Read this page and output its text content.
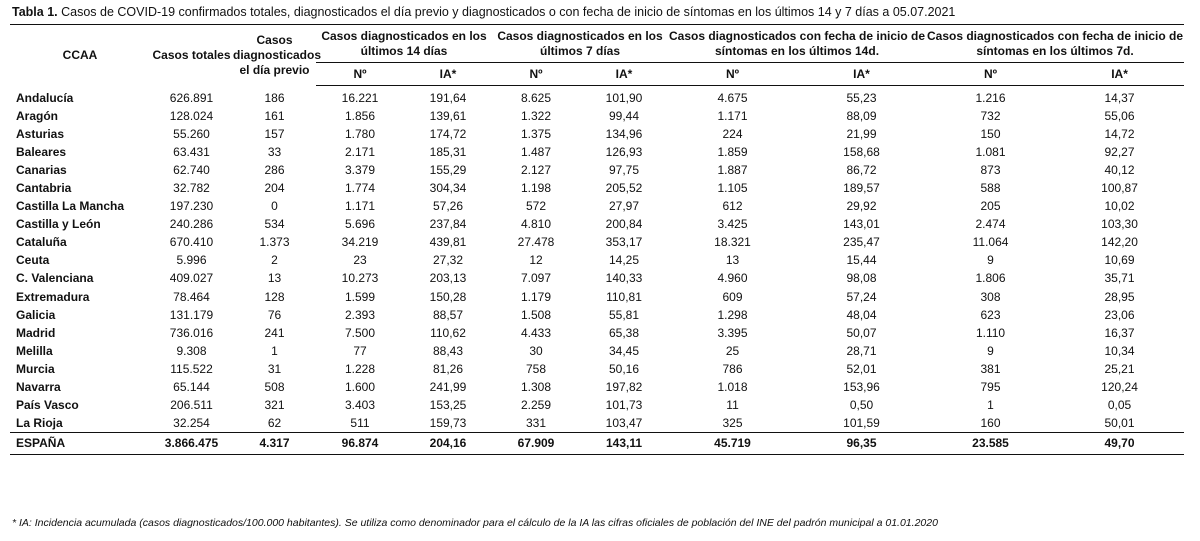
Tabla 1. Casos de COVID-19 confirmados totales, diagnosticados el día previo y diagnosticados o con fecha de inicio de síntomas en los últimos 14 y 7 días a 05.07.2021
CCAA	Casos totales	Casos diagnosticados el día previo	Casos diagnosticados en los últimos 14 días		Casos diagnosticados en los últimos 7 días		Casos diagnosticados con fecha de inicio de síntomas en los últimos 14d.		Casos diagnosticados con fecha de inicio de síntomas en los últimos 7d.	
			Nº	IA*	Nº	IA*	Nº	IA*	Nº	IA*
Andalucía	626.891	186	16.221	191,64	8.625	101,90	4.675	55,23	1.216	14,37
Aragón	128.024	161	1.856	139,61	1.322	99,44	1.171	88,09	732	55,06
Asturias	55.260	157	1.780	174,72	1.375	134,96	224	21,99	150	14,72
Baleares	63.431	33	2.171	185,31	1.487	126,93	1.859	158,68	1.081	92,27
Canarias	62.740	286	3.379	155,29	2.127	97,75	1.887	86,72	873	40,12
Cantabria	32.782	204	1.774	304,34	1.198	205,52	1.105	189,57	588	100,87
Castilla La Mancha	197.230	0	1.171	57,26	572	27,97	612	29,92	205	10,02
Castilla y León	240.286	534	5.696	237,84	4.810	200,84	3.425	143,01	2.474	103,30
Cataluña	670.410	1.373	34.219	439,81	27.478	353,17	18.321	235,47	11.064	142,20
Ceuta	5.996	2	23	27,32	12	14,25	13	15,44	9	10,69
C. Valenciana	409.027	13	10.273	203,13	7.097	140,33	4.960	98,08	1.806	35,71
Extremadura	78.464	128	1.599	150,28	1.179	110,81	609	57,24	308	28,95
Galicia	131.179	76	2.393	88,57	1.508	55,81	1.298	48,04	623	23,06
Madrid	736.016	241	7.500	110,62	4.433	65,38	3.395	50,07	1.110	16,37
Melilla	9.308	1	77	88,43	30	34,45	25	28,71	9	10,34
Murcia	115.522	31	1.228	81,26	758	50,16	786	52,01	381	25,21
Navarra	65.144	508	1.600	241,99	1.308	197,82	1.018	153,96	795	120,24
País Vasco	206.511	321	3.403	153,25	2.259	101,73	11	0,50	1	0,05
La Rioja	32.254	62	511	159,73	331	103,47	325	101,59	160	50,01
ESPAÑA	3.866.475	4.317	96.874	204,16	67.909	143,11	45.719	96,35	23.585	49,70
* IA: Incidencia acumulada (casos diagnosticados/100.000 habitantes). Se utiliza como denominador para el cálculo de la IA las cifras oficiales de población del INE del padrón municipal a 01.01.2020
